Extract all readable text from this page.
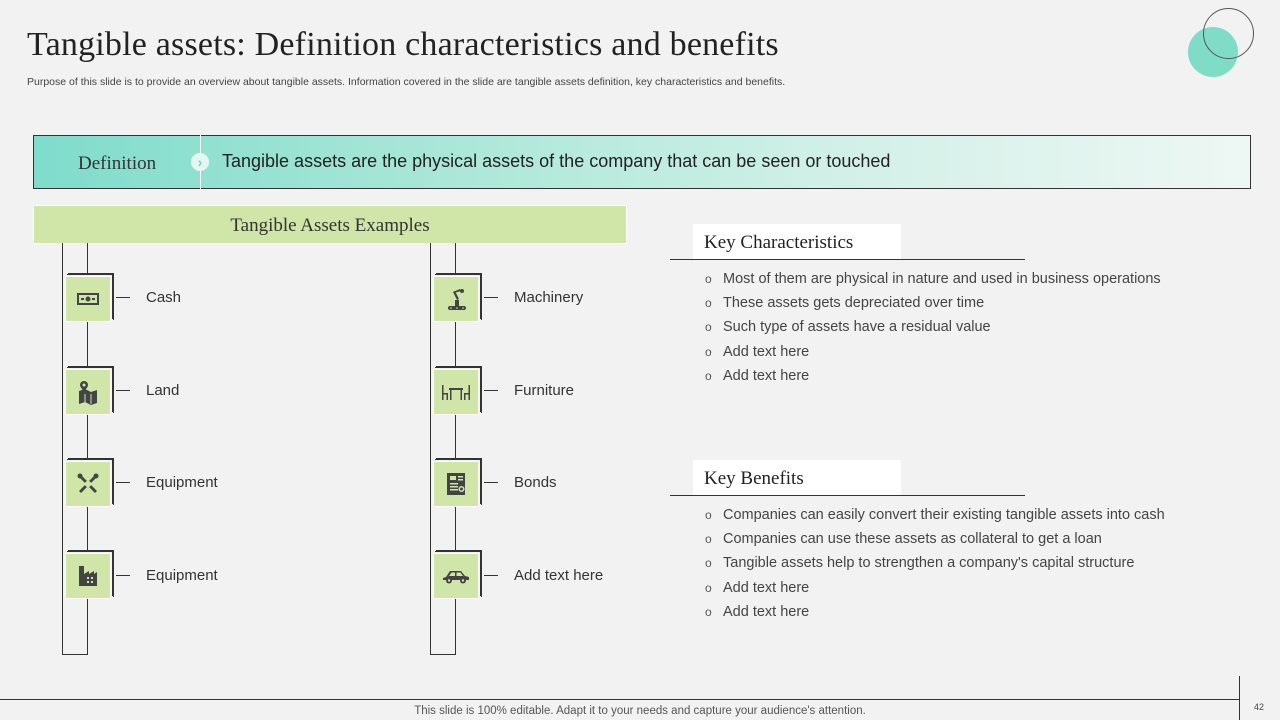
Tangible assets: Definition characteristics and benefits
Purpose of this slide is to provide an overview about tangible assets. Information covered in the slide are tangible assets definition, key characteristics and benefits.
Definition	›	Tangible assets are the physical assets of the company that can be seen or touched
Tangible Assets Examples
Cash
Land
Equipment
Equipment
Machinery
Furniture
Bonds
Add text here
Key Characteristics
o Most of them are physical in nature and used in business operations
o These assets gets depreciated over time
o Such type of assets have a residual value
o Add text here
o Add text here
Key Benefits
o Companies can easily convert their existing tangible assets into cash
o Companies can use these assets as collateral to get a loan
o Tangible assets help to strengthen a company's capital structure
o Add text here
o Add text here
This slide is 100% editable. Adapt it to your needs and capture your audience's attention.	42
